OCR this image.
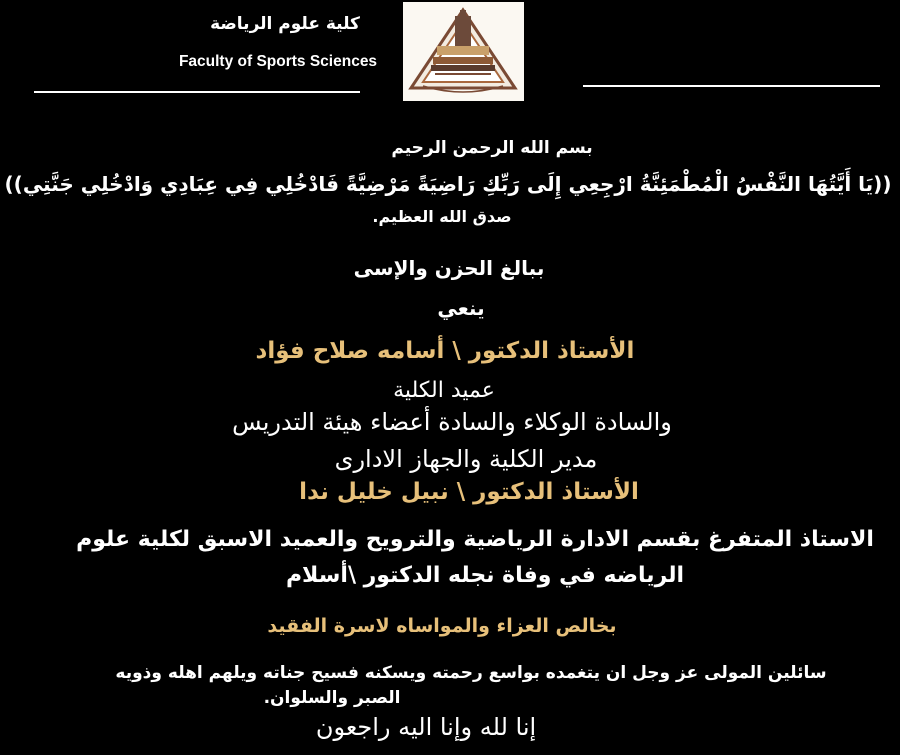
كلية علوم الرياضة
Faculty of Sports Sciences
بسم الله الرحمن الرحيم
((يَا أَيَّتُهَا النَّفْسُ الْمُطْمَئِنَّةُ ارْجِعِي إِلَى رَبِّكِ رَاضِيَةً مَرْضِيَّةً فَادْخُلِي فِي عِبَادِي وَادْخُلِي جَنَّتِي))
صدق الله العظيم.
ببالغ الحزن والإسى
ينعي
الأستاذ الدكتور \ أسامه صلاح فؤاد
عميد الكلية
والسادة الوكلاء والسادة أعضاء هيئة التدريس
مدير الكلية والجهاز الادارى
الأستاذ الدكتور \ نبيل خليل ندا
الاستاذ المتفرغ بقسم الادارة الرياضية والترويح والعميد الاسبق لكلية علوم
الرياضه في وفاة نجله الدكتور \أسلام
بخالص العزاء والمواساه لاسرة الفقيد
سائلين المولى عز وجل ان يتغمده بواسع رحمته ويسكنه فسيح جناته ويلهم اهله وذويه
الصبر والسلوان.
إنا لله وإنا اليه راجعون
